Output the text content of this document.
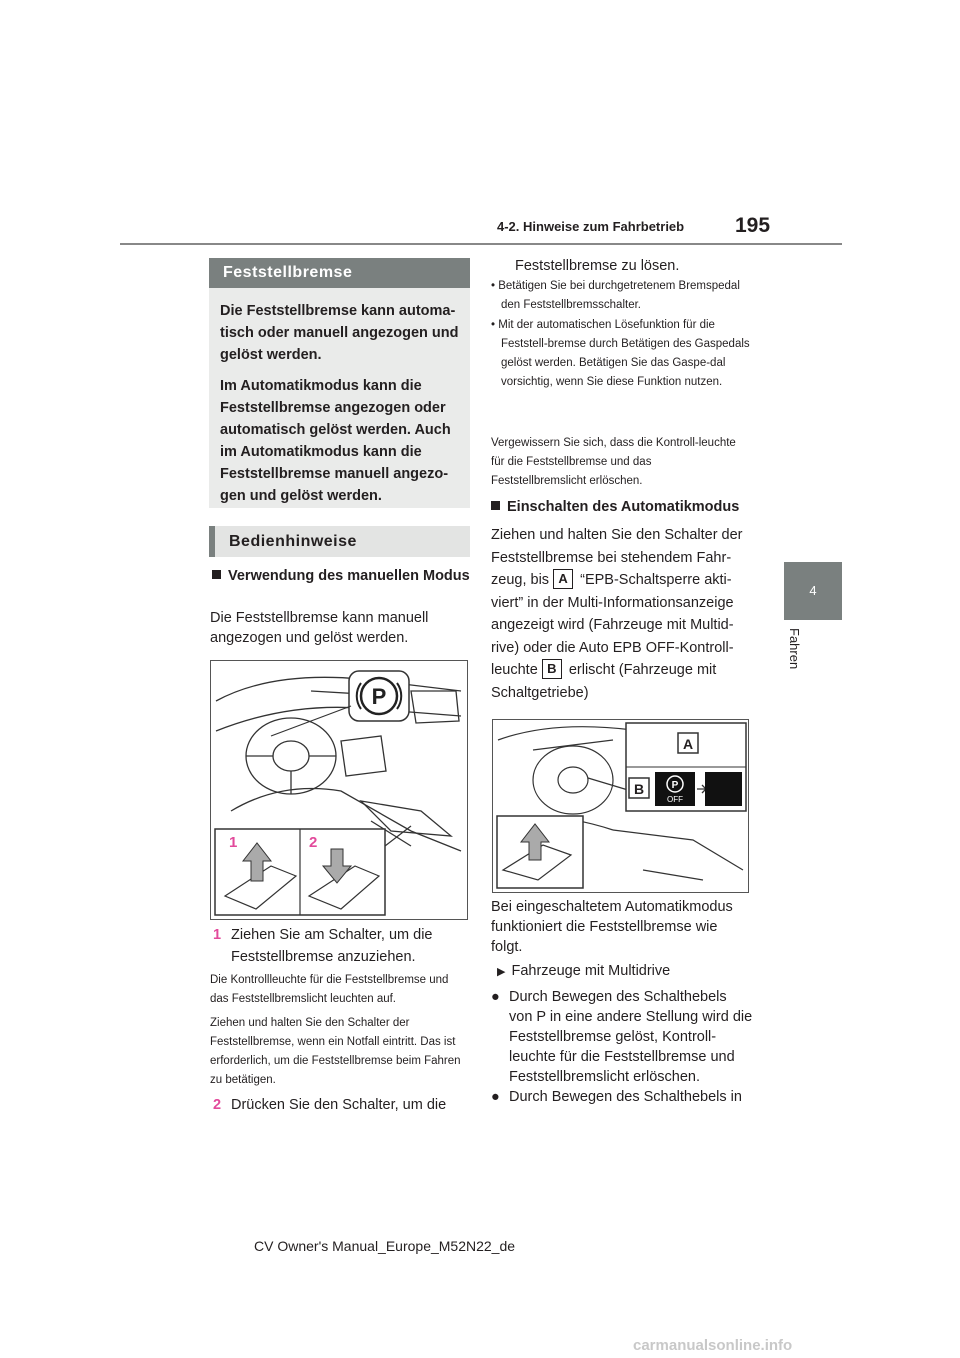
4-2. Hinweise zum Fahrbetrieb 195
4
Fahren
Feststellbremse

Die Feststellbremse kann automa-tisch oder manuell angezogen und gelöst werden.

Im Automatikmodus kann die Feststellbremse angezogen oder automatisch gelöst werden. Auch im Automatikmodus kann die Feststellbremse manuell angezo-gen und gelöst werden.

Bedienhinweise
Verwendung des manuellen Modus
Die Feststellbremse kann manuell angezogen und gelöst werden.
P
1	2
1 Ziehen Sie am Schalter, um die Feststellbremse anzuziehen.
Die Kontrollleuchte für die Feststellbremse und das Feststellbremslicht leuchten auf.
Ziehen und halten Sie den Schalter der Feststellbremse, wenn ein Notfall eintritt. Das ist erforderlich, um die Feststellbremse beim Fahren zu betätigen.
2 Drücken Sie den Schalter, um die
Feststellbremse zu lösen.
• Betätigen Sie bei durchgetretenem Bremspedal den Feststellbremsschalter.
• Mit der automatischen Lösefunktion für die Feststell-bremse durch Betätigen des Gaspedals gelöst werden. Betätigen Sie das Gaspe-dal vorsichtig, wenn Sie diese Funktion nutzen.
Vergewissern Sie sich, dass die Kontroll-leuchte für die Feststellbremse und das Feststellbremslicht erlöschen.
Einschalten des Automatikmodus
Ziehen und halten Sie den Schalter der Feststellbremse bei stehendem Fahr-zeug, bis A “EPB-Schaltsperre akti-viert” in der Multi-Informationsanzeige angezeigt wird (Fahrzeuge mit Multid-rive) oder die Auto EPB OFF-Kontroll-leuchte B erlischt (Fahrzeuge mit Schaltgetriebe)
A
B	P
OFF
Bei eingeschaltetem Automatikmodus funktioniert die Feststellbremse wie folgt.
▶ Fahrzeuge mit Multidrive
● Durch Bewegen des Schalthebels von P in eine andere Stellung wird die Feststellbremse gelöst, Kontroll-leuchte für die Feststellbremse und Feststellbremslicht erlöschen.
● Durch Bewegen des Schalthebels in
CV Owner's Manual_Europe_M52N22_de
carmanualsonline.info
